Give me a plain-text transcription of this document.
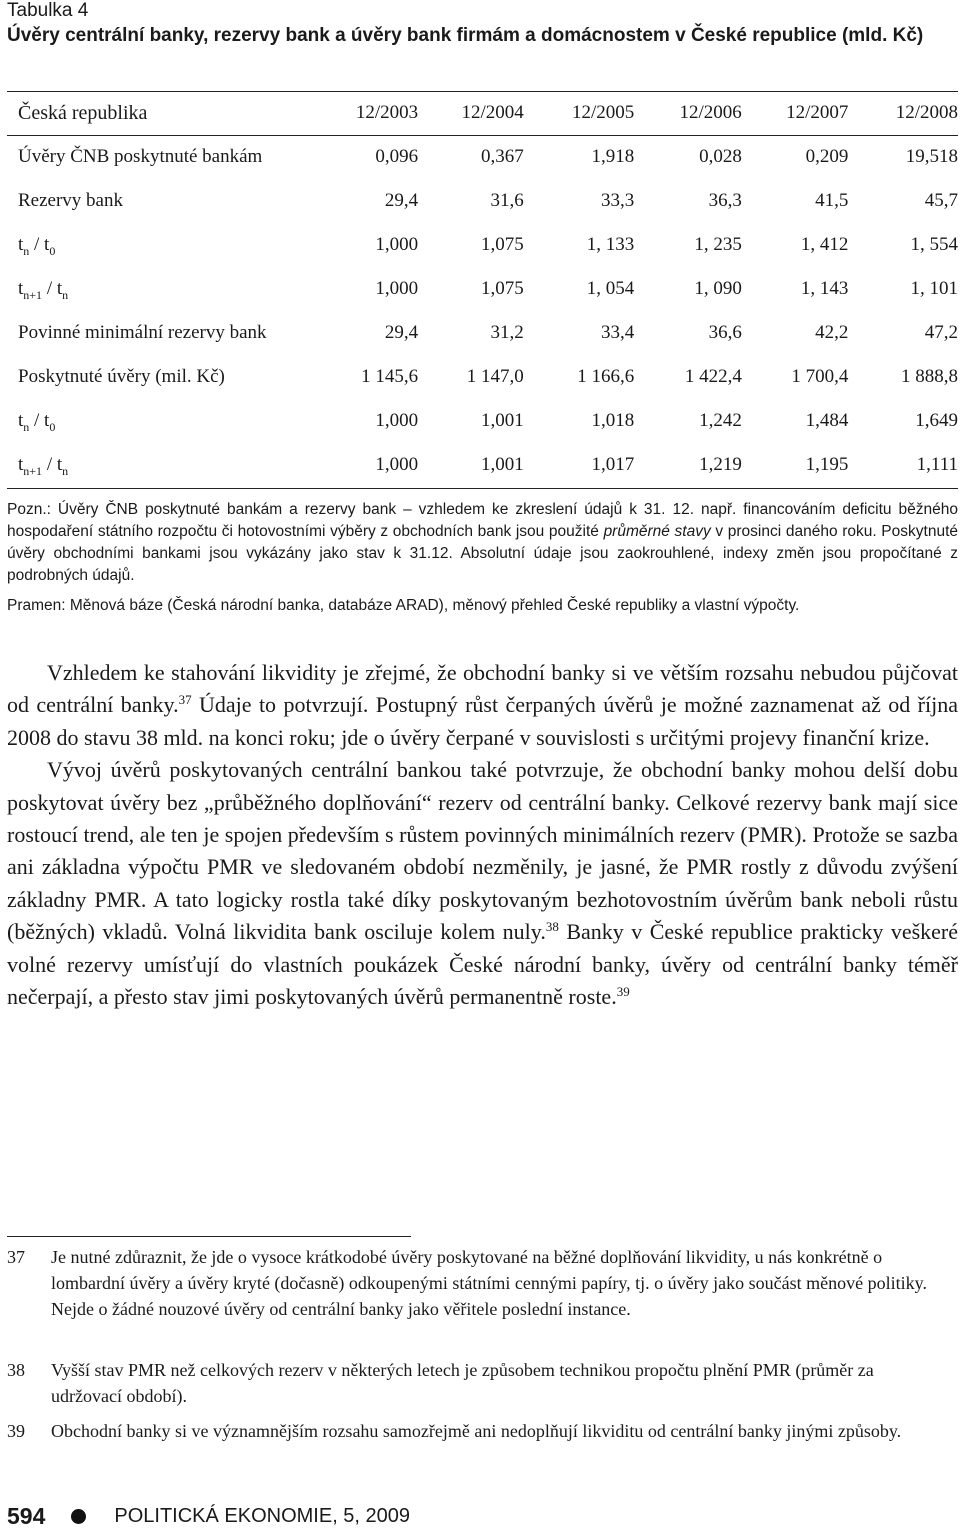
Tabulka 4
Úvěry centrální banky, rezervy bank a úvěry bank firmám a domácnostem v České republice (mld. Kč)
Česká republika	12/2003	12/2004	12/2005	12/2006	12/2007	12/2008
Úvěry ČNB poskytnuté bankám	0,096	0,367	1,918	0,028	0,209	19,518
Rezervy bank	29,4	31,6	33,3	36,3	41,5	45,7
$t_n / t_0$	1,000	1,075	1, 133	1, 235	1, 412	1, 554
$t_{n+1} / t_n$	1,000	1,075	1, 054	1, 090	1, 143	1, 101
Povinné minimální rezervy bank	29,4	31,2	33,4	36,6	42,2	47,2
Poskytnuté úvěry (mil. Kč)	1 145,6	1 147,0	1 166,6	1 422,4	1 700,4	1 888,8
$t_n / t_0$	1,000	1,001	1,018	1,242	1,484	1,649
$t_{n+1} / t_n$	1,000	1,001	1,017	1,219	1,195	1,111
Pozn.: Úvěry ČNB poskytnuté bankám a rezervy bank – vzhledem ke zkreslení údajů k 31. 12. např. financováním deficitu běžného hospodaření státního rozpočtu či hotovostními výběry z obchodních bank jsou použité průměrné stavy v prosinci daného roku. Poskytnuté úvěry obchodními bankami jsou vykázány jako stav k 31.12. Absolutní údaje jsou zaokrouhlené, indexy změn jsou propočítané z podrobných údajů.
Pramen: Měnová báze (Česká národní banka, databáze ARAD), měnový přehled České republiky a vlastní výpočty.

Vzhledem ke stahování likvidity je zřejmé, že obchodní banky si ve větším rozsahu nebudou půjčovat od centrální banky.$^{37}$ Údaje to potvrzují. Postupný růst čerpaných úvěrů je možné zaznamenat až od října 2008 do stavu 38 mld. na konci roku; jde o úvěry čerpané v souvislosti s určitými projevy finanční krize.

Vývoj úvěrů poskytovaných centrální bankou také potvrzuje, že obchodní banky mohou delší dobu poskytovat úvěry bez „průběžného doplňování“ rezerv od centrální banky. Celkové rezervy bank mají sice rostoucí trend, ale ten je spojen především s růstem povinných minimálních rezerv (PMR). Protože se sazba ani základna výpočtu PMR ve sledovaném období nezměnily, je jasné, že PMR rostly z důvodu zvýšení základny PMR. A tato logicky rostla také díky poskytovaným bezhotovostním úvěrům bank neboli růstu (běžných) vkladů. Volná likvidita bank osciluje kolem nuly.$^{38}$ Banky v České republice prakticky veškeré volné rezervy umísťují do vlastních poukázek České národní banky, úvěry od centrální banky téměř nečerpají, a přesto stav jimi poskytovaných úvěrů permanentně roste.$^{39}$

37 Je nutné zdůraznit, že jde o vysoce krátkodobé úvěry poskytované na běžné doplňování likvidity, u nás konkrétně o lombardní úvěry a úvěry kryté (dočasně) odkoupenými státními cennými papíry, tj. o úvěry jako součást měnové politiky. Nejde o žádné nouzové úvěry od centrální banky jako věřitele poslední instance.
38 Vyšší stav PMR než celkových rezerv v některých letech je způsobem technikou propočtu plnění PMR (průměr za udržovací období).
39 Obchodní banky si ve významnějším rozsahu samozřejmě ani nedoplňují likviditu od centrální banky jinými způsoby.
594	POLITICKÁ EKONOMIE, 5, 2009
